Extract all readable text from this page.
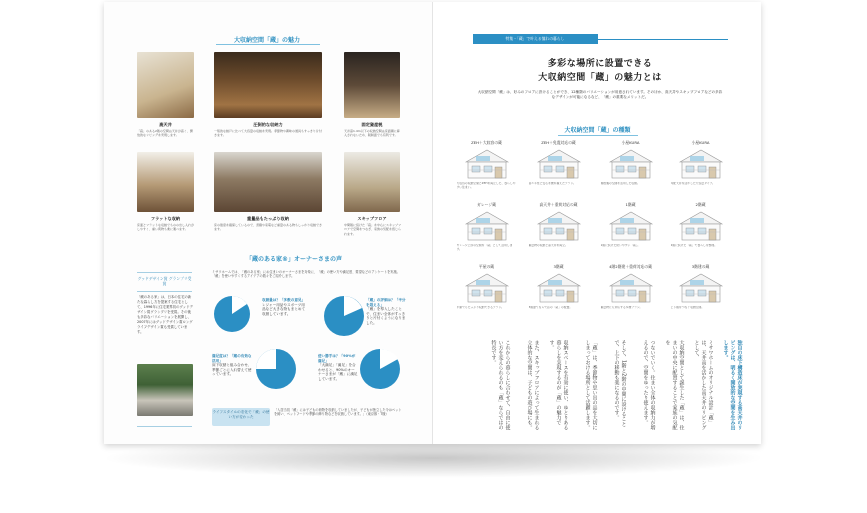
大収納空間「蔵」の魅力
高天井	圧倒的な収納力	固定資産税
「蔵」のある2階の空間は天井が高く、開放的なリビングを実現します。
一般的な納戸に比べて大容量の収納を実現。季節物や趣味の道具もすっきり片付きます。
天井高1.4m以下の収納空間は床面積に算入されないため、税制面でも有利です。
フラットな収納	重量品もたっぷり収納	スキップフロア
床面とフラットな収納でものの出し入れがしやすく、重い荷物も楽に運べます。
床の強度を確保しているので、書籍や家電など重量のある物もしっかり収納できます。
中間階に設けた「蔵」を中心にスキップフロアで空間をつなぎ、家族の気配を感じられます。
グッドデザイン賞 グランプリ受賞
「蔵のある家」は、日本の住宅の新たな暮らし方を提案する住宅として、1996年に住宅業界初のグッドデザイン賞グランプリを受賞。その後も多彩なバリエーションを展開し、2007年にはグッドデザイン賞ロングライフデザイン賞も受賞しています。
「蔵のある家®」オーナーさまの声
ミサワホームでは、「蔵のある家」にお住まいのオーナーさまを対象に、「蔵」の使い方や満足度、要望などのアンケートを実施。「蔵」を使いやすくするアイデアの数々をご紹介します。
収納量は？「多数の意見」
レジャー用品やスポーツ用品など大きな物もまとめて収納しています。
「蔵」の評価は？「半分を超える」
「蔵」を導入したことで、住まい全体がすっきりと片付くようになりました。
満足度は？「蔵の有効な活用」
床下収納と組み合わせ、季節ごとに入れ替えて使っています。
使い勝手は？「90%が満足」
「大満足」「満足」を合わせると、90%のオーナーさまが「蔵」に満足しています。
ライフスタイルの変化で「蔵」の使い方が変わった
「入居当初「蔵」には子どもの荷物を収納していましたが、子どもが独立した今はペットを飼い、ペットフードや季節の飾り物などを収納しています。」（東京都・T様）
特集・「蔵」で叶える憧れの暮らし
多彩な場所に設置できる
大収納空間「蔵」の魅力とは
大収納空間「蔵」は、好みのフロアに設けることができ、12種類のバリエーションが用意されています。そのほか、高天井やスキップフロアなどの多彩なデザインが可能になるなど、「蔵」の重要なメリットだ。
大収納空間「蔵」の種類
ZEH＋大収容の蔵
大収容の収納空間とZEHを両立した、暮らしやすい住まい。
ZEH＋免震対応の蔵
省エネ性と安心を兼ね備えたプラン。
小屋KURA
屋根裏の空間を活用した収納。
小屋KURA
勾配天井を活かした大容量タイプ。
ガレージ蔵
ガレージ上部の空間を「蔵」として活用します。
高天井＋重荷対応の蔵
重量物の収納と高天井を両立。
1階蔵
1階に設けた使いやすい「蔵」。
2階蔵
2階に設けた「蔵」で暮らしを整理。
平屋の蔵
平屋でもたっぷり収納できるプラン。
3階蔵
3階建てならではの「蔵」の配置。
4階2階建＋重荷対応の蔵
重量物にも対応する多層プラン。
3階建の蔵
上下階をつなぐ収納空間。
独自の床下構造床が実現する高天井のリビングは、明るく開放的な空間を生み出します。
ミサワホームのオリジナル設計「蔵」は、天井高を活かした高天井のリビングとして、
大収納空間として誕生した「蔵」は、住まいの中央に配置することで家族の気配を
つないでいく。住まい全体の収納力が増えるので、空間をゆったり使えます。
そして、1階と2階の中間に設けることで、上下の移動も楽になるのです。
「蔵」は、季節物や思い出の品を大切にしまっておける場所として活躍します。
収納スペースを有効に使い、ゆとりある暮らしを実現するのが「蔵」の魅力です。
また、スキップフロアによって生まれる立体的な空間は、子どもの遊び場にも。
これからの暮らしに合わせて、自由に使い方を変えられるのも「蔵」ならではの特長です。
